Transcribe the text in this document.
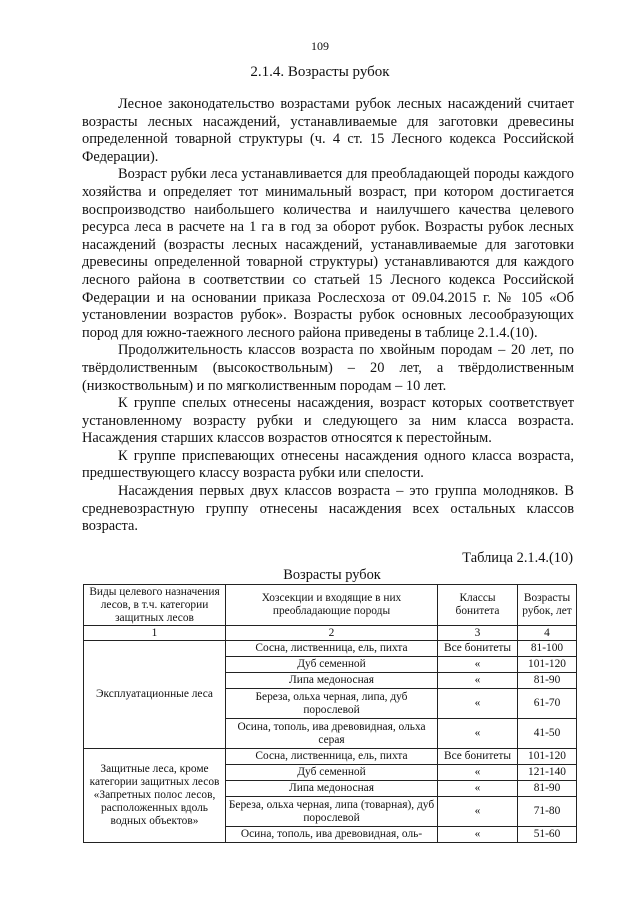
109
2.1.4. Возрасты рубок

Лесное законодательство возрастами рубок лесных насаждений считает возрасты лесных насаждений, устанавливаемые для заготовки древесины определенной товарной структуры (ч. 4 ст. 15 Лесного кодекса Российской Федерации).

Возраст рубки леса устанавливается для преобладающей породы каждого хозяйства и определяет тот минимальный возраст, при котором достигается воспроизводство наибольшего количества и наилучшего качества целевого ресурса леса в расчете на 1 га в год за оборот рубок. Возрасты рубок лесных насаждений (возрасты лесных насаждений, устанавливаемые для заготовки древесины определенной товарной структуры) устанавливаются для каждого лесного района в соответствии со статьей 15 Лесного кодекса Российской Федерации и на основании приказа Рослесхоза от 09.04.2015 г. № 105 «Об установлении возрастов рубок». Возрасты рубок основных лесообразующих пород для южно-таежного лесного района приведены в таблице 2.1.4.(10).

Продолжительность классов возраста по хвойным породам – 20 лет, по твёрдолиственным (высокоствольным) – 20 лет, а твёрдолиственным (низкоствольным) и по мягколиственным породам – 10 лет.

К группе спелых отнесены насаждения, возраст которых соответствует установленному возрасту рубки и следующего за ним класса возраста. Насаждения старших классов возрастов относятся к перестойным.

К группе приспевающих отнесены насаждения одного класса возраста, предшествующего классу возраста рубки или спелости.

Насаждения первых двух классов возраста – это группа молодняков. В средневозрастную группу отнесены насаждения всех остальных классов возраста.

Таблица 2.1.4.(10)
Возрасты рубок
Виды целевого назначения лесов, в т.ч. категории защитных лесов	Хозсекции и входящие в них преобладающие породы	Классы бонитета	Возрасты рубок, лет
1	2	3	4
Эксплуатационные леса	Сосна, лиственница, ель, пихта	Все бонитеты	81-100
	Дуб семенной	«	101-120
	Липа медоносная	«	81-90
	Береза, ольха черная, липа, дуб порослевой	«	61-70
	Осина, тополь, ива древовидная, ольха серая	«	41-50
Защитные леса, кроме категории защитных лесов «Запретных полос лесов, расположенных вдоль водных объектов»	Сосна, лиственница, ель, пихта	Все бонитеты	101-120
	Дуб семенной	«	121-140
	Липа медоносная	«	81-90
	Береза, ольха черная, липа (товарная), дуб порослевой	«	71-80
	Осина, тополь, ива древовидная, оль-	«	51-60
